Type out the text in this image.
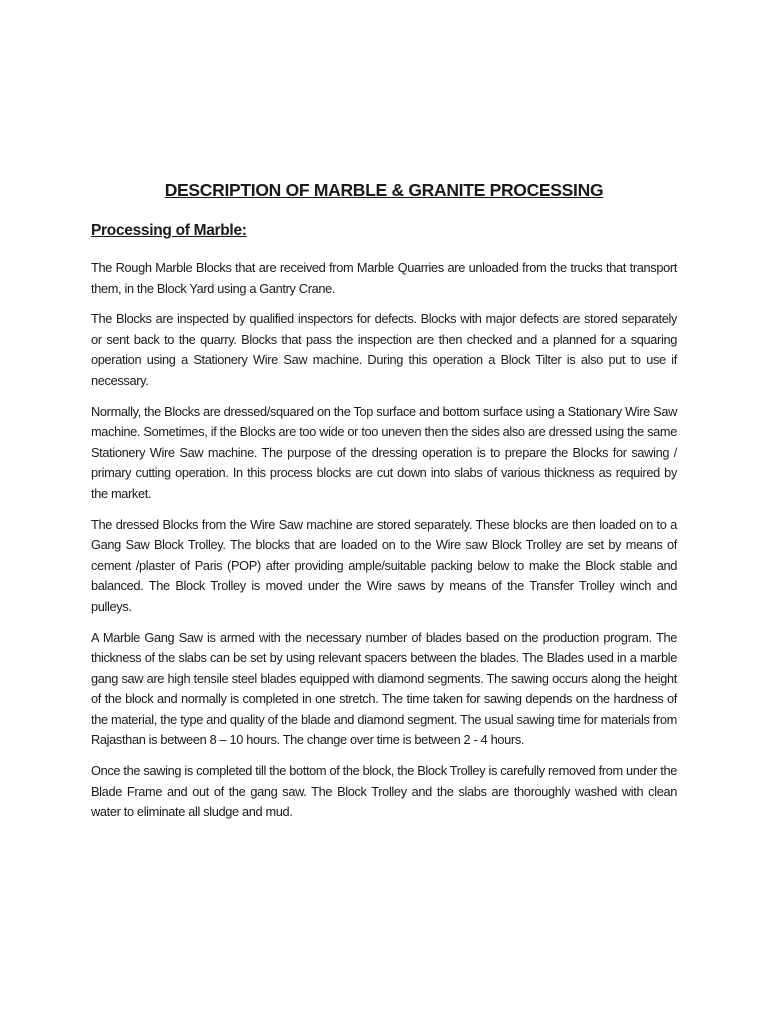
DESCRIPTION OF MARBLE & GRANITE PROCESSING
Processing of Marble:

The Rough Marble Blocks that are received from Marble Quarries are unloaded from the trucks that transport them, in the Block Yard using a Gantry Crane.

The Blocks are inspected by qualified inspectors for defects. Blocks with major defects are stored separately or sent back to the quarry. Blocks that pass the inspection are then checked and a planned for a squaring operation using a Stationery Wire Saw machine. During this operation a Block Tilter is also put to use if necessary.

Normally, the Blocks are dressed/squared on the Top surface and bottom surface using a Stationary Wire Saw machine. Sometimes, if the Blocks are too wide or too uneven then the sides also are dressed using the same Stationery Wire Saw machine. The purpose of the dressing operation is to prepare the Blocks for sawing / primary cutting operation. In this process blocks are cut down into slabs of various thickness as required by the market.

The dressed Blocks from the Wire Saw machine are stored separately. These blocks are then loaded on to a Gang Saw Block Trolley. The blocks that are loaded on to the Wire saw Block Trolley are set by means of cement /plaster of Paris (POP) after providing ample/suitable packing below to make the Block stable and balanced. The Block Trolley is moved under the Wire saws by means of the Transfer Trolley winch and pulleys.

A Marble Gang Saw is armed with the necessary number of blades based on the production program. The thickness of the slabs can be set by using relevant spacers between the blades. The Blades used in a marble gang saw are high tensile steel blades equipped with diamond segments. The sawing occurs along the height of the block and normally is completed in one stretch. The time taken for sawing depends on the hardness of the material, the type and quality of the blade and diamond segment. The usual sawing time for materials from Rajasthan is between 8 – 10 hours. The change over time is between 2 - 4 hours.

Once the sawing is completed till the bottom of the block, the Block Trolley is carefully removed from under the Blade Frame and out of the gang saw. The Block Trolley and the slabs are thoroughly washed with clean water to eliminate all sludge and mud.
